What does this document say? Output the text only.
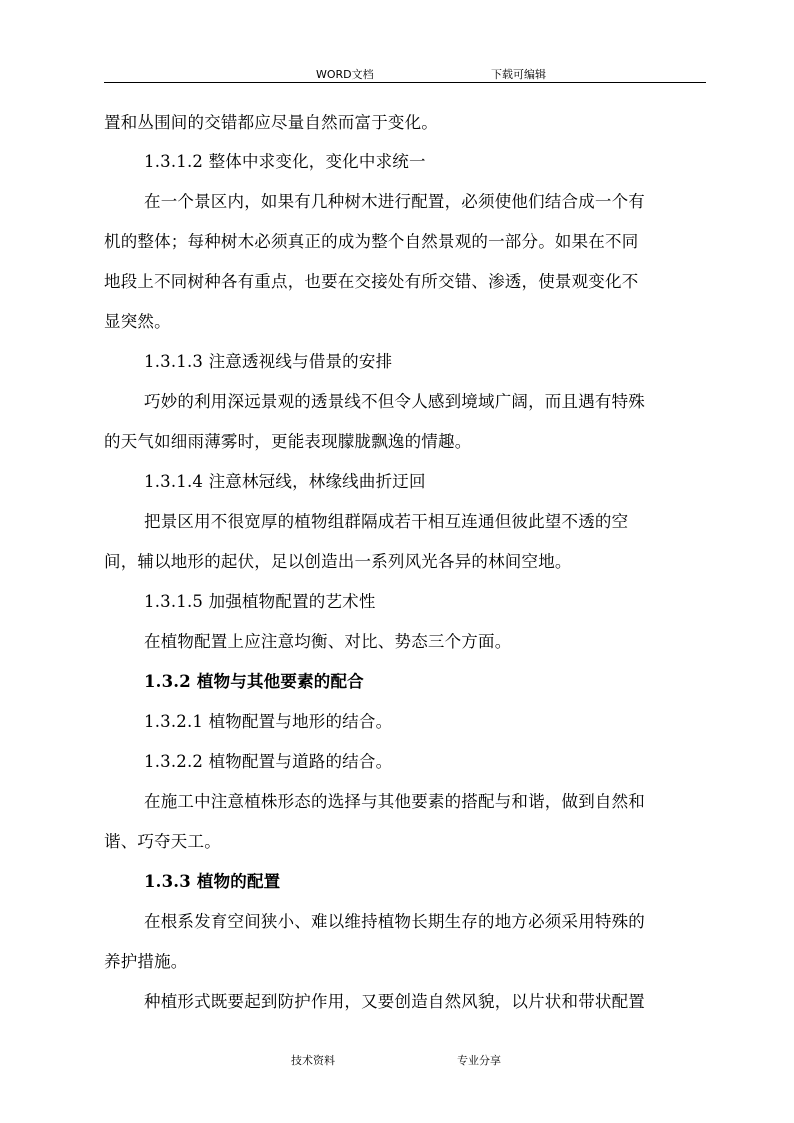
WORD文档	下载可编辑
置和丛围间的交错都应尽量自然而富于变化。
1.3.1.2 整体中求变化，变化中求统一
在一个景区内，如果有几种树木进行配置，必须使他们结合成一个有
机的整体；每种树木必须真正的成为整个自然景观的一部分。如果在不同
地段上不同树种各有重点，也要在交接处有所交错、渗透，使景观变化不
显突然。
1.3.1.3 注意透视线与借景的安排
巧妙的利用深远景观的透景线不但令人感到境域广阔，而且遇有特殊
的天气如细雨薄雾时，更能表现朦胧飘逸的情趣。
1.3.1.4 注意林冠线，林缘线曲折迂回
把景区用不很宽厚的植物组群隔成若干相互连通但彼此望不透的空
间，辅以地形的起伏，足以创造出一系列风光各异的林间空地。
1.3.1.5 加强植物配置的艺术性
在植物配置上应注意均衡、对比、势态三个方面。
1.3.2 植物与其他要素的配合
1.3.2.1 植物配置与地形的结合。
1.3.2.2 植物配置与道路的结合。
在施工中注意植株形态的选择与其他要素的搭配与和谐，做到自然和
谐、巧夺天工。
1.3.3 植物的配置
在根系发育空间狭小、难以维持植物长期生存的地方必须采用特殊的
养护措施。
种植形式既要起到防护作用，又要创造自然风貌，以片状和带状配置
技术资料	专业分享
